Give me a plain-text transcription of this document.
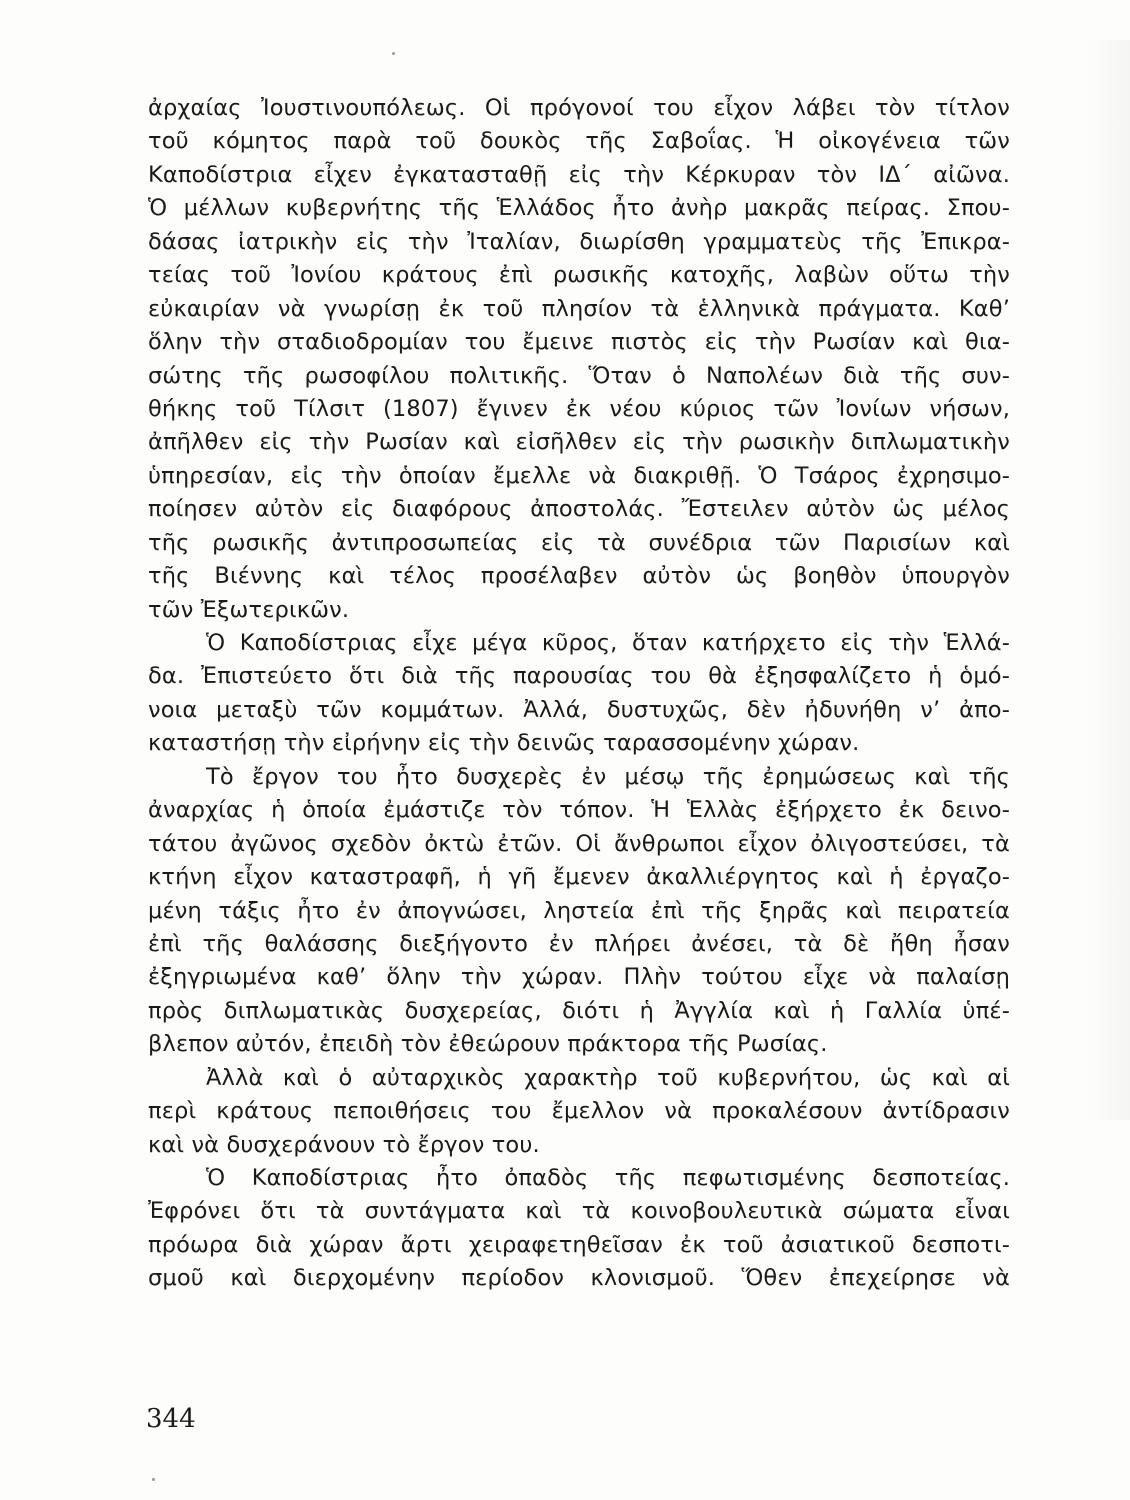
ἀρχαίας Ἰουστινουπόλεως. Οἱ πρόγονοί του εἶχον λάβει τὸν τίτλον
τοῦ κόμητος παρὰ τοῦ δουκὸς τῆς Σαβοΐας. Ἡ οἰκογένεια τῶν
Καποδίστρια εἶχεν ἐγκατασταθῇ εἰς τὴν Κέρκυραν τὸν ΙΔ΄ αἰῶνα.
Ὁ μέλλων κυβερνήτης τῆς Ἑλλάδος ἦτο ἀνὴρ μακρᾶς πείρας. Σπου-
δάσας ἰατρικὴν εἰς τὴν Ἰταλίαν, διωρίσθη γραμματεὺς τῆς Ἐπικρα-
τείας τοῦ Ἰονίου κράτους ἐπὶ ρωσικῆς κατοχῆς, λαβὼν οὕτω τὴν
εὐκαιρίαν νὰ γνωρίσῃ ἐκ τοῦ πλησίον τὰ ἑλληνικὰ πράγματα. Καθ’
ὅλην τὴν σταδιοδρομίαν του ἔμεινε πιστὸς εἰς τὴν Ρωσίαν καὶ θια-
σώτης τῆς ρωσοφίλου πολιτικῆς. Ὅταν ὁ Ναπολέων διὰ τῆς συν-
θήκης τοῦ Τίλσιτ (1807) ἔγινεν ἐκ νέου κύριος τῶν Ἰονίων νήσων,
ἀπῆλθεν εἰς τὴν Ρωσίαν καὶ εἰσῆλθεν εἰς τὴν ρωσικὴν διπλωματικὴν
ὑπηρεσίαν, εἰς τὴν ὁποίαν ἔμελλε νὰ διακριθῇ. Ὁ Τσάρος ἐχρησιμο-
ποίησεν αὐτὸν εἰς διαφόρους ἀποστολάς. Ἔστειλεν αὐτὸν ὡς μέλος
τῆς ρωσικῆς ἀντιπροσωπείας εἰς τὰ συνέδρια τῶν Παρισίων καὶ
τῆς Βιέννης καὶ τέλος προσέλαβεν αὐτὸν ὡς βοηθὸν ὑπουργὸν
τῶν Ἐξωτερικῶν.
Ὁ Καποδίστριας εἶχε μέγα κῦρος, ὅταν κατήρχετο εἰς τὴν Ἑλλά-
δα. Ἐπιστεύετο ὅτι διὰ τῆς παρουσίας του θὰ ἐξησφαλίζετο ἡ ὁμό-
νοια μεταξὺ τῶν κομμάτων. Ἀλλά, δυστυχῶς, δὲν ἠδυνήθη ν’ ἀπο-
καταστήσῃ τὴν εἰρήνην εἰς τὴν δεινῶς ταρασσομένην χώραν.
Τὸ ἔργον του ἦτο δυσχερὲς ἐν μέσῳ τῆς ἐρημώσεως καὶ τῆς
ἀναρχίας ἡ ὁποία ἐμάστιζε τὸν τόπον. Ἡ Ἑλλὰς ἐξήρχετο ἐκ δεινο-
τάτου ἀγῶνος σχεδὸν ὀκτὼ ἐτῶν. Οἱ ἄνθρωποι εἶχον ὀλιγοστεύσει, τὰ
κτήνη εἶχον καταστραφῆ, ἡ γῆ ἔμενεν ἀκαλλιέργητος καὶ ἡ ἐργαζο-
μένη τάξις ἦτο ἐν ἀπογνώσει, ληστεία ἐπὶ τῆς ξηρᾶς καὶ πειρατεία
ἐπὶ τῆς θαλάσσης διεξήγοντο ἐν πλήρει ἀνέσει, τὰ δὲ ἤθη ἦσαν
ἐξηγριωμένα καθ’ ὅλην τὴν χώραν. Πλὴν τούτου εἶχε νὰ παλαίσῃ
πρὸς διπλωματικὰς δυσχερείας, διότι ἡ Ἀγγλία καὶ ἡ Γαλλία ὑπέ-
βλεπον αὐτόν, ἐπειδὴ τὸν ἐθεώρουν πράκτορα τῆς Ρωσίας.
Ἀλλὰ καὶ ὁ αὐταρχικὸς χαρακτὴρ τοῦ κυβερνήτου, ὡς καὶ αἱ
περὶ κράτους πεποιθήσεις του ἔμελλον νὰ προκαλέσουν ἀντίδρασιν
καὶ νὰ δυσχεράνουν τὸ ἔργον του.
Ὁ Καποδίστριας ἦτο ὀπαδὸς τῆς πεφωτισμένης δεσποτείας.
Ἐφρόνει ὅτι τὰ συντάγματα καὶ τὰ κοινοβουλευτικὰ σώματα εἶναι
πρόωρα διὰ χώραν ἄρτι χειραφετηθεῖσαν ἐκ τοῦ ἀσιατικοῦ δεσποτι-
σμοῦ καὶ διερχομένην περίοδον κλονισμοῦ. Ὅθεν ἐπεχείρησε νὰ
344
